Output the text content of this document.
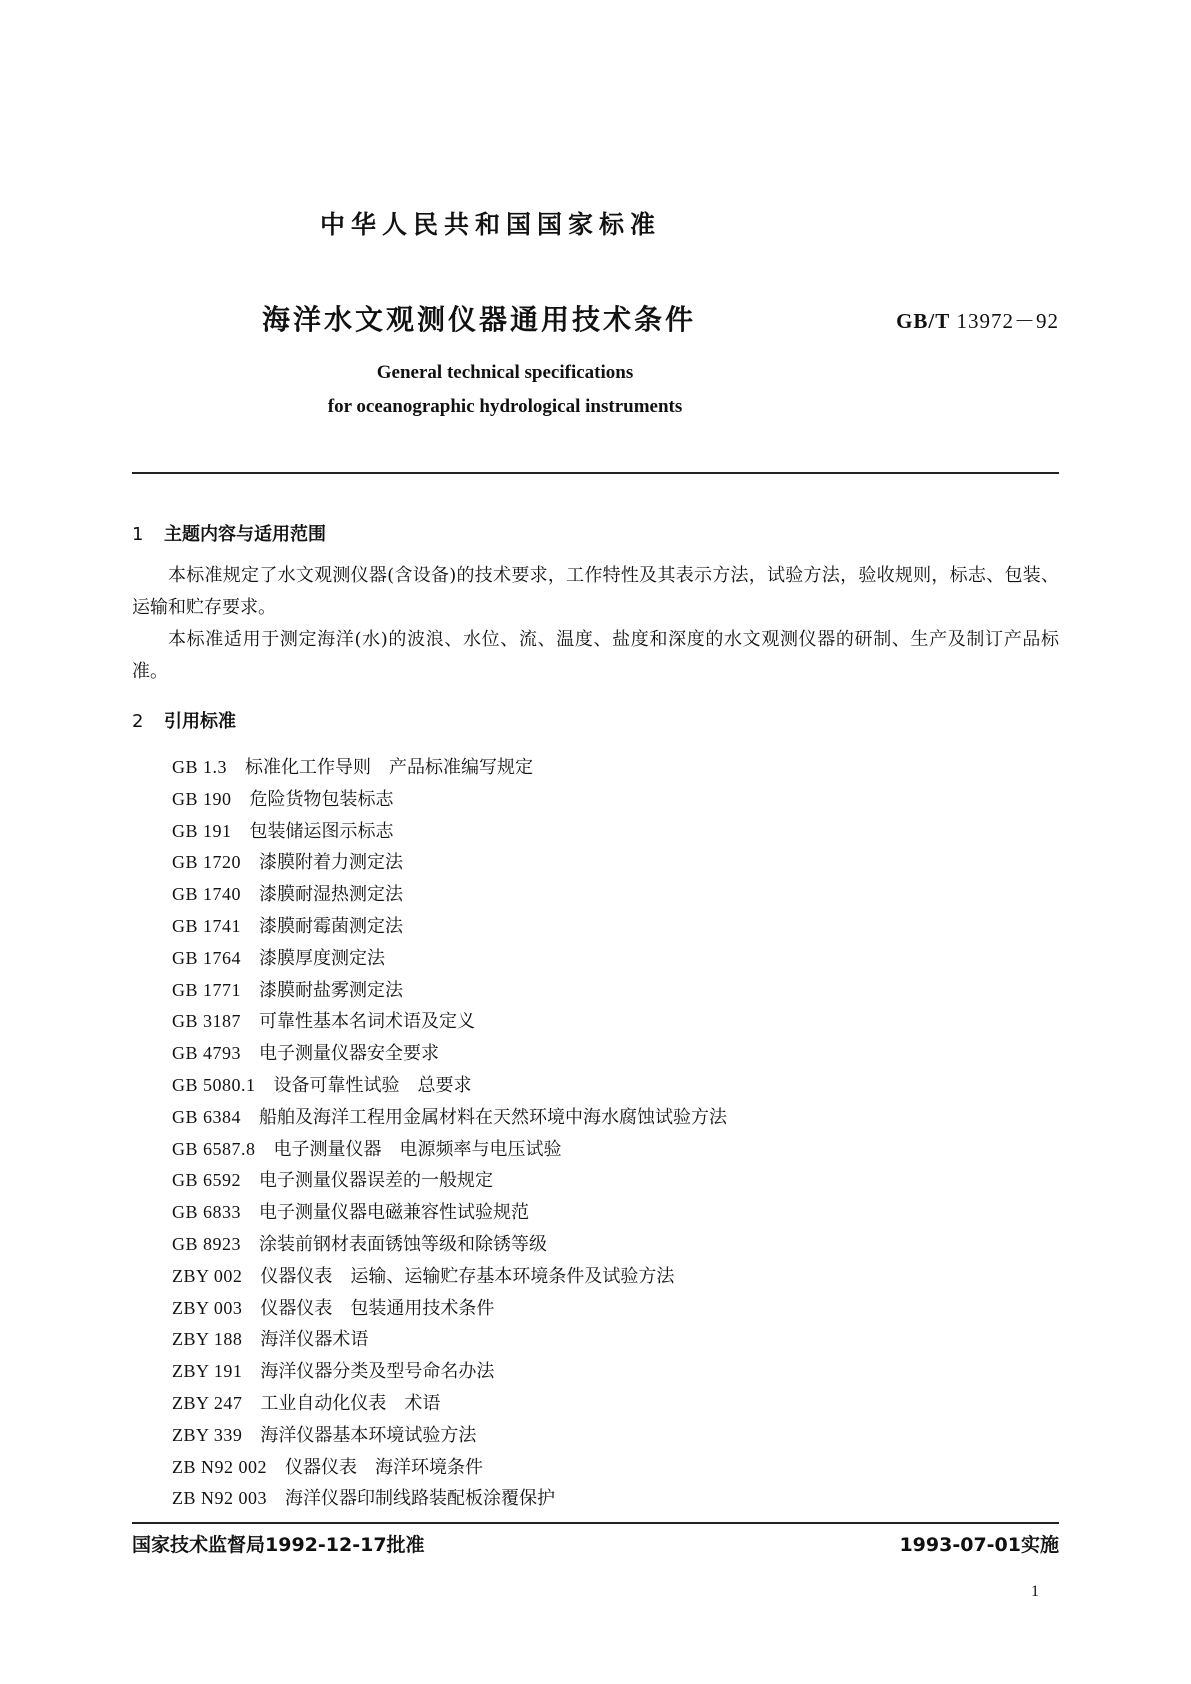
中华人民共和国国家标准
海洋水文观测仪器通用技术条件	GB/T 13972－92
General technical specifications
for oceanographic hydrological instruments
1 主题内容与适用范围
本标准规定了水文观测仪器(含设备)的技术要求，工作特性及其表示方法，试验方法，验收规则，标志、包装、运输和贮存要求。
本标准适用于测定海洋(水)的波浪、水位、流、温度、盐度和深度的水文观测仪器的研制、生产及制订产品标准。
2 引用标准
GB 1.3 标准化工作导则　产品标准编写规定
GB 190 危险货物包装标志
GB 191 包装储运图示标志
GB 1720 漆膜附着力测定法
GB 1740 漆膜耐湿热测定法
GB 1741 漆膜耐霉菌测定法
GB 1764 漆膜厚度测定法
GB 1771 漆膜耐盐雾测定法
GB 3187 可靠性基本名词术语及定义
GB 4793 电子测量仪器安全要求
GB 5080.1 设备可靠性试验　总要求
GB 6384 船舶及海洋工程用金属材料在天然环境中海水腐蚀试验方法
GB 6587.8 电子测量仪器　电源频率与电压试验
GB 6592 电子测量仪器误差的一般规定
GB 6833 电子测量仪器电磁兼容性试验规范
GB 8923 涂装前钢材表面锈蚀等级和除锈等级
ZBY 002 仪器仪表　运输、运输贮存基本环境条件及试验方法
ZBY 003 仪器仪表　包装通用技术条件
ZBY 188 海洋仪器术语
ZBY 191 海洋仪器分类及型号命名办法
ZBY 247 工业自动化仪表　术语
ZBY 339 海洋仪器基本环境试验方法
ZB N92 002 仪器仪表　海洋环境条件
ZB N92 003 海洋仪器印制线路装配板涂覆保护
国家技术监督局1992-12-17批准	1993-07-01实施
1
